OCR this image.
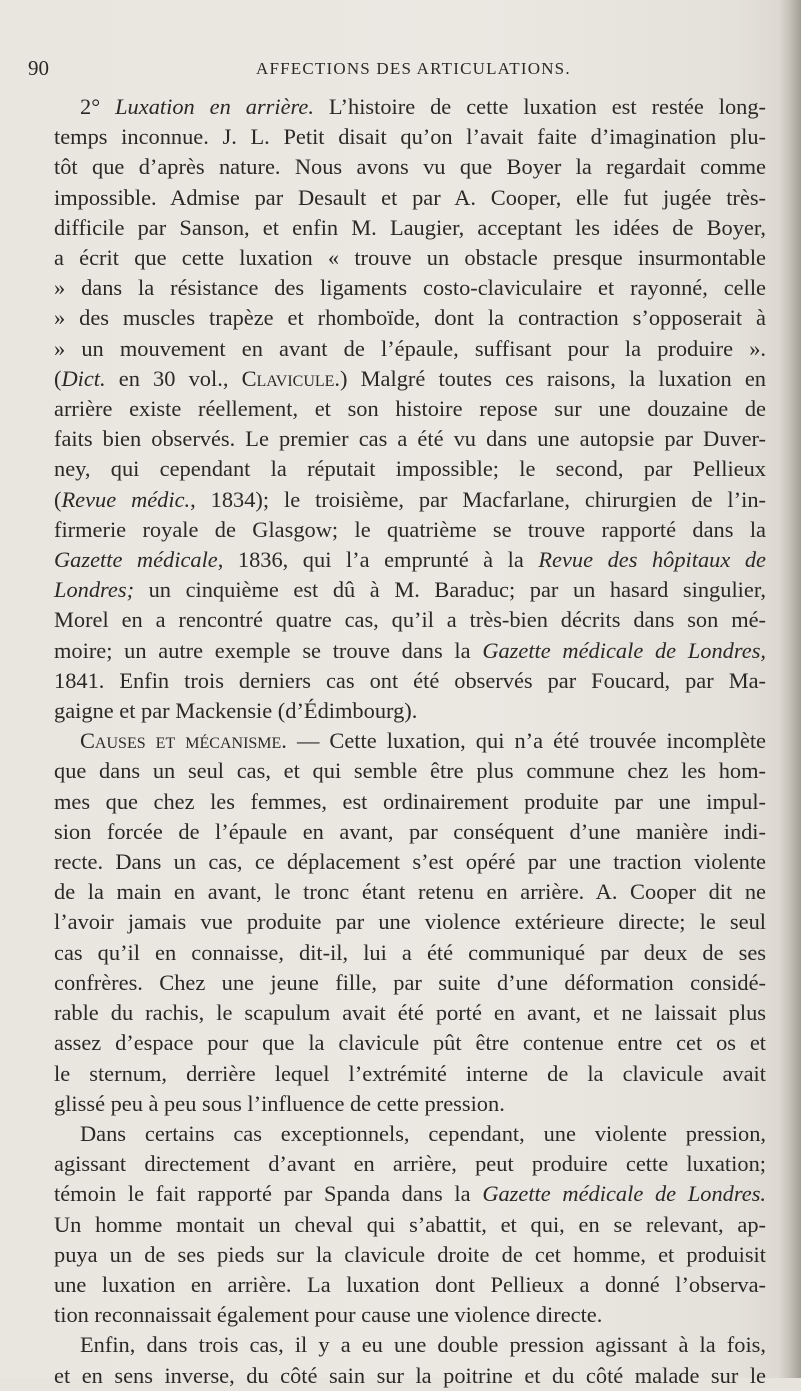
90	AFFECTIONS DES ARTICULATIONS.
2° Luxation en arrière. L’histoire de cette luxation est restée long-
temps inconnue. J. L. Petit disait qu’on l’avait faite d’imagination plu-
tôt que d’après nature. Nous avons vu que Boyer la regardait comme
impossible. Admise par Desault et par A. Cooper, elle fut jugée très-
difficile par Sanson, et enfin M. Laugier, acceptant les idées de Boyer,
a écrit que cette luxation « trouve un obstacle presque insurmontable
» dans la résistance des ligaments costo-claviculaire et rayonné, celle
» des muscles trapèze et rhomboïde, dont la contraction s’opposerait à
» un mouvement en avant de l’épaule, suffisant pour la produire ».
(Dict. en 30 vol., Clavicule.) Malgré toutes ces raisons, la luxation en
arrière existe réellement, et son histoire repose sur une douzaine de
faits bien observés. Le premier cas a été vu dans une autopsie par Duver-
ney, qui cependant la réputait impossible; le second, par Pellieux
(Revue médic., 1834); le troisième, par Macfarlane, chirurgien de l’in-
firmerie royale de Glasgow; le quatrième se trouve rapporté dans la
Gazette médicale, 1836, qui l’a emprunté à la Revue des hôpitaux de
Londres; un cinquième est dû à M. Baraduc; par un hasard singulier,
Morel en a rencontré quatre cas, qu’il a très-bien décrits dans son mé-
moire; un autre exemple se trouve dans la Gazette médicale de Londres,
1841. Enfin trois derniers cas ont été observés par Foucard, par Ma-
gaigne et par Mackensie (d’Édimbourg).
Causes et mécanisme. — Cette luxation, qui n’a été trouvée incomplète
que dans un seul cas, et qui semble être plus commune chez les hom-
mes que chez les femmes, est ordinairement produite par une impul-
sion forcée de l’épaule en avant, par conséquent d’une manière indi-
recte. Dans un cas, ce déplacement s’est opéré par une traction violente
de la main en avant, le tronc étant retenu en arrière. A. Cooper dit ne
l’avoir jamais vue produite par une violence extérieure directe; le seul
cas qu’il en connaisse, dit-il, lui a été communiqué par deux de ses
confrères. Chez une jeune fille, par suite d’une déformation considé-
rable du rachis, le scapulum avait été porté en avant, et ne laissait plus
assez d’espace pour que la clavicule pût être contenue entre cet os et
le sternum, derrière lequel l’extrémité interne de la clavicule avait
glissé peu à peu sous l’influence de cette pression.
Dans certains cas exceptionnels, cependant, une violente pression,
agissant directement d’avant en arrière, peut produire cette luxation;
témoin le fait rapporté par Spanda dans la Gazette médicale de Londres.
Un homme montait un cheval qui s’abattit, et qui, en se relevant, ap-
puya un de ses pieds sur la clavicule droite de cet homme, et produisit
une luxation en arrière. La luxation dont Pellieux a donné l’observa-
tion reconnaissait également pour cause une violence directe.
Enfin, dans trois cas, il y a eu une double pression agissant à la fois,
et en sens inverse, du côté sain sur la poitrine et du côté malade sur le
